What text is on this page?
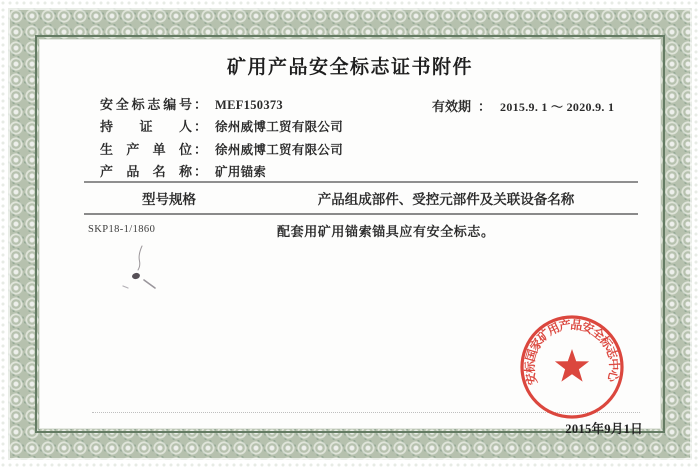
矿用产品安全标志证书附件
安全标志编号 ： MEF150373
持证人 ： 徐州威博工贸有限公司
生产单位 ： 徐州威博工贸有限公司
产品名称 ： 矿用锚索
有效期 ： 2015.9. 1 ～ 2020.9. 1
型号规格	产品组成部件、受控元部件及关联设备名称
SKP18-1/1860	配套用矿用锚索锚具应有安全标志。
安标国家矿用产品安全标志中心
2015年9月1日
